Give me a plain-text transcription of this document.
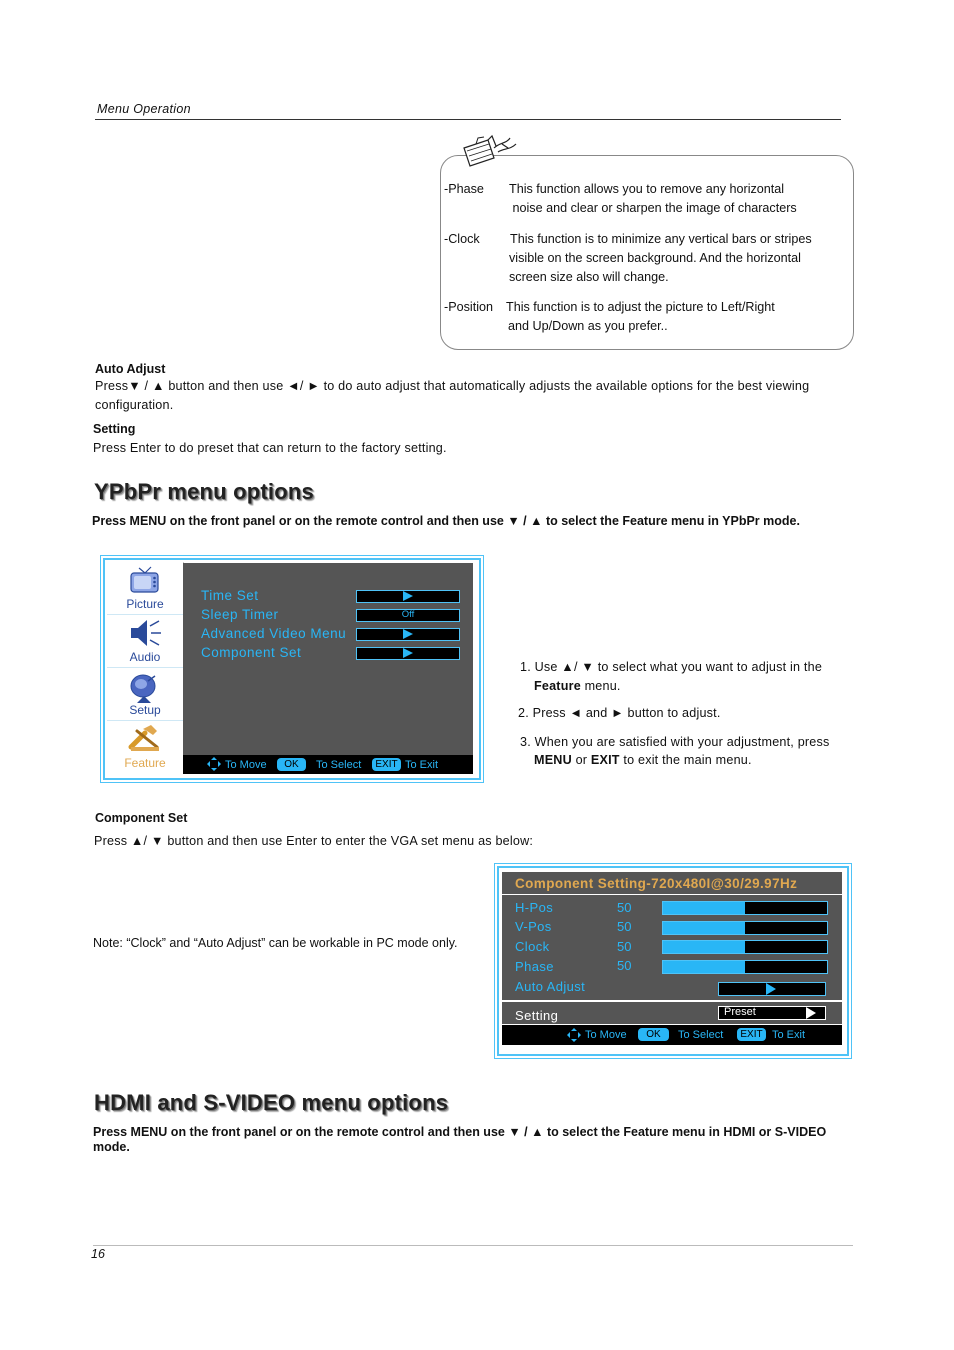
Menu Operation
-Phase This function allows you to remove any horizontal
noise and clear or sharpen the image of characters
-Clock This function is to minimize any vertical bars or stripes
visible on the screen background. And the horizontal
screen size also will change.
-Position This function is to adjust the picture to Left/Right
and Up/Down as you prefer..
Auto Adjust
Press▼ / ▲ button and then use ◄/ ► to do auto adjust that automatically adjusts the available options for the best viewing
configuration.
Setting
Press Enter to do preset that can return to the factory setting.
YPbPr menu options
Press MENU on the front panel or on the remote control and then use ▼ / ▲ to select the Feature menu in YPbPr mode.
Picture
Audio
Setup
Feature
Time Set
Sleep Timer
Advanced Video Menu
Component Set
Off
To Move	OK	To Select	EXIT To Exit
1. Use ▲/ ▼ to select what you want to adjust in the
Feature menu.
2. Press ◄ and ► button to adjust.
3. When you are satisfied with your adjustment, press
MENU or EXIT to exit the main menu.
Component Set
Press ▲/ ▼ button and then use Enter to enter the VGA set menu as below:
Note: “Clock” and “Auto Adjust” can be workable in PC mode only.
Component Setting-720x480I@30/29.97Hz
H-Pos	50
V-Pos	50
Clock	50
Phase	50
Auto Adjust
Setting	Preset
To Move	OK	To Select	EXIT To Exit
HDMI and S-VIDEO menu options
Press MENU on the front panel or on the remote control and then use ▼ / ▲ to select the Feature menu in HDMI or S-VIDEO
mode.
16
